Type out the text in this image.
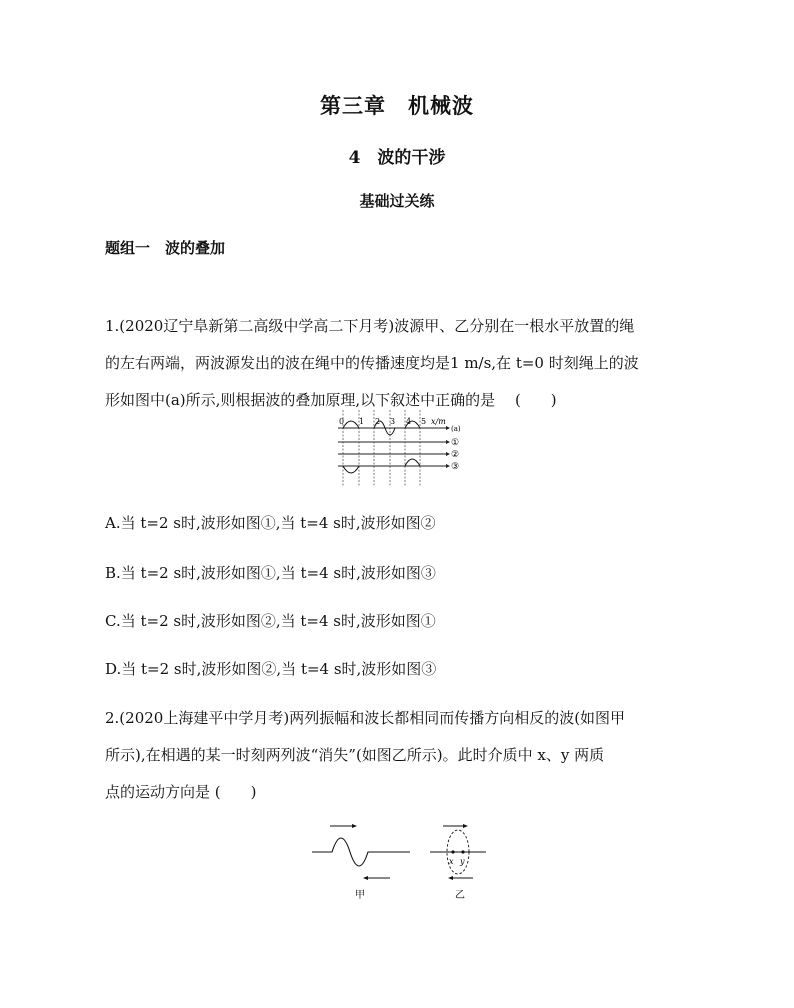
第三章　机械波
4　波的干涉
基础过关练
题组一　波的叠加
1.(2020辽宁阜新第二高级中学高二下月考)波源甲、乙分别在一根水平放置的绳
的左右两端，两波源发出的波在绳中的传播速度均是1 m/s,在 t=0 时刻绳上的波
形如图中(a)所示,则根据波的叠加原理,以下叙述中正确的是　 (　　)
0 1 2 3 4 5 x/m
(a)
①
②
③
A.当 t=2 s时,波形如图①,当 t=4 s时,波形如图②
B.当 t=2 s时,波形如图①,当 t=4 s时,波形如图③
C.当 t=2 s时,波形如图②,当 t=4 s时,波形如图①
D.当 t=2 s时,波形如图②,当 t=4 s时,波形如图③
2.(2020上海建平中学月考)两列振幅和波长都相同而传播方向相反的波(如图甲
所示),在相遇的某一时刻两列波“消失”(如图乙所示)。此时介质中 x、y 两质
点的运动方向是 (　　)
甲
x y
乙
